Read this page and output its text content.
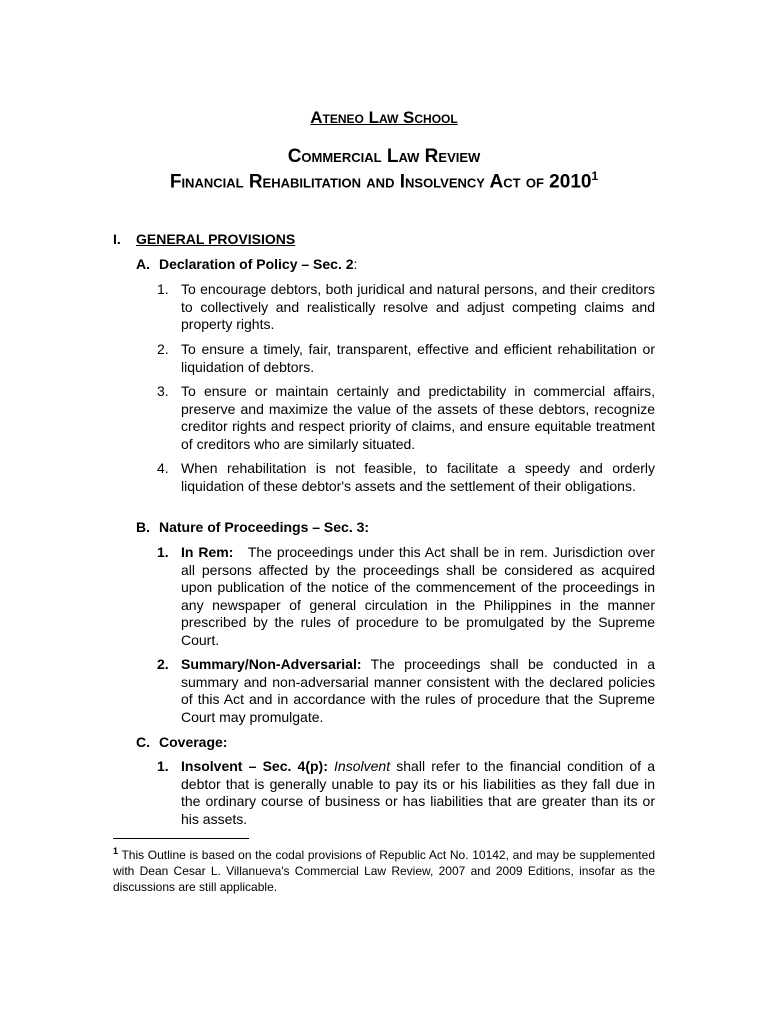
Ateneo Law School
Commercial Law Review
Financial Rehabilitation and Insolvency Act of 2010$^1$
I. GENERAL PROVISIONS
A. Declaration of Policy – Sec. 2:
1. To encourage debtors, both juridical and natural persons, and their creditors to collectively and realistically resolve and adjust competing claims and property rights.
2. To ensure a timely, fair, transparent, effective and efficient rehabilitation or liquidation of debtors.
3. To ensure or maintain certainly and predictability in commercial affairs, preserve and maximize the value of the assets of these debtors, recognize creditor rights and respect priority of claims, and ensure equitable treatment of creditors who are similarly situated.
4. When rehabilitation is not feasible, to facilitate a speedy and orderly liquidation of these debtor's assets and the settlement of their obligations.
B. Nature of Proceedings – Sec. 3:
1. In Rem: The proceedings under this Act shall be in rem. Jurisdiction over all persons affected by the proceedings shall be considered as acquired upon publication of the notice of the commencement of the proceedings in any newspaper of general circulation in the Philippines in the manner prescribed by the rules of procedure to be promulgated by the Supreme Court.
2. Summary/Non-Adversarial: The proceedings shall be conducted in a summary and non-adversarial manner consistent with the declared policies of this Act and in accordance with the rules of procedure that the Supreme Court may promulgate.
C. Coverage:
1. Insolvent – Sec. 4(p): Insolvent shall refer to the financial condition of a debtor that is generally unable to pay its or his liabilities as they fall due in the ordinary course of business or has liabilities that are greater than its or his assets.
$^1$ This Outline is based on the codal provisions of Republic Act No. 10142, and may be supplemented with Dean Cesar L. Villanueva's Commercial Law Review, 2007 and 2009 Editions, insofar as the discussions are still applicable.
